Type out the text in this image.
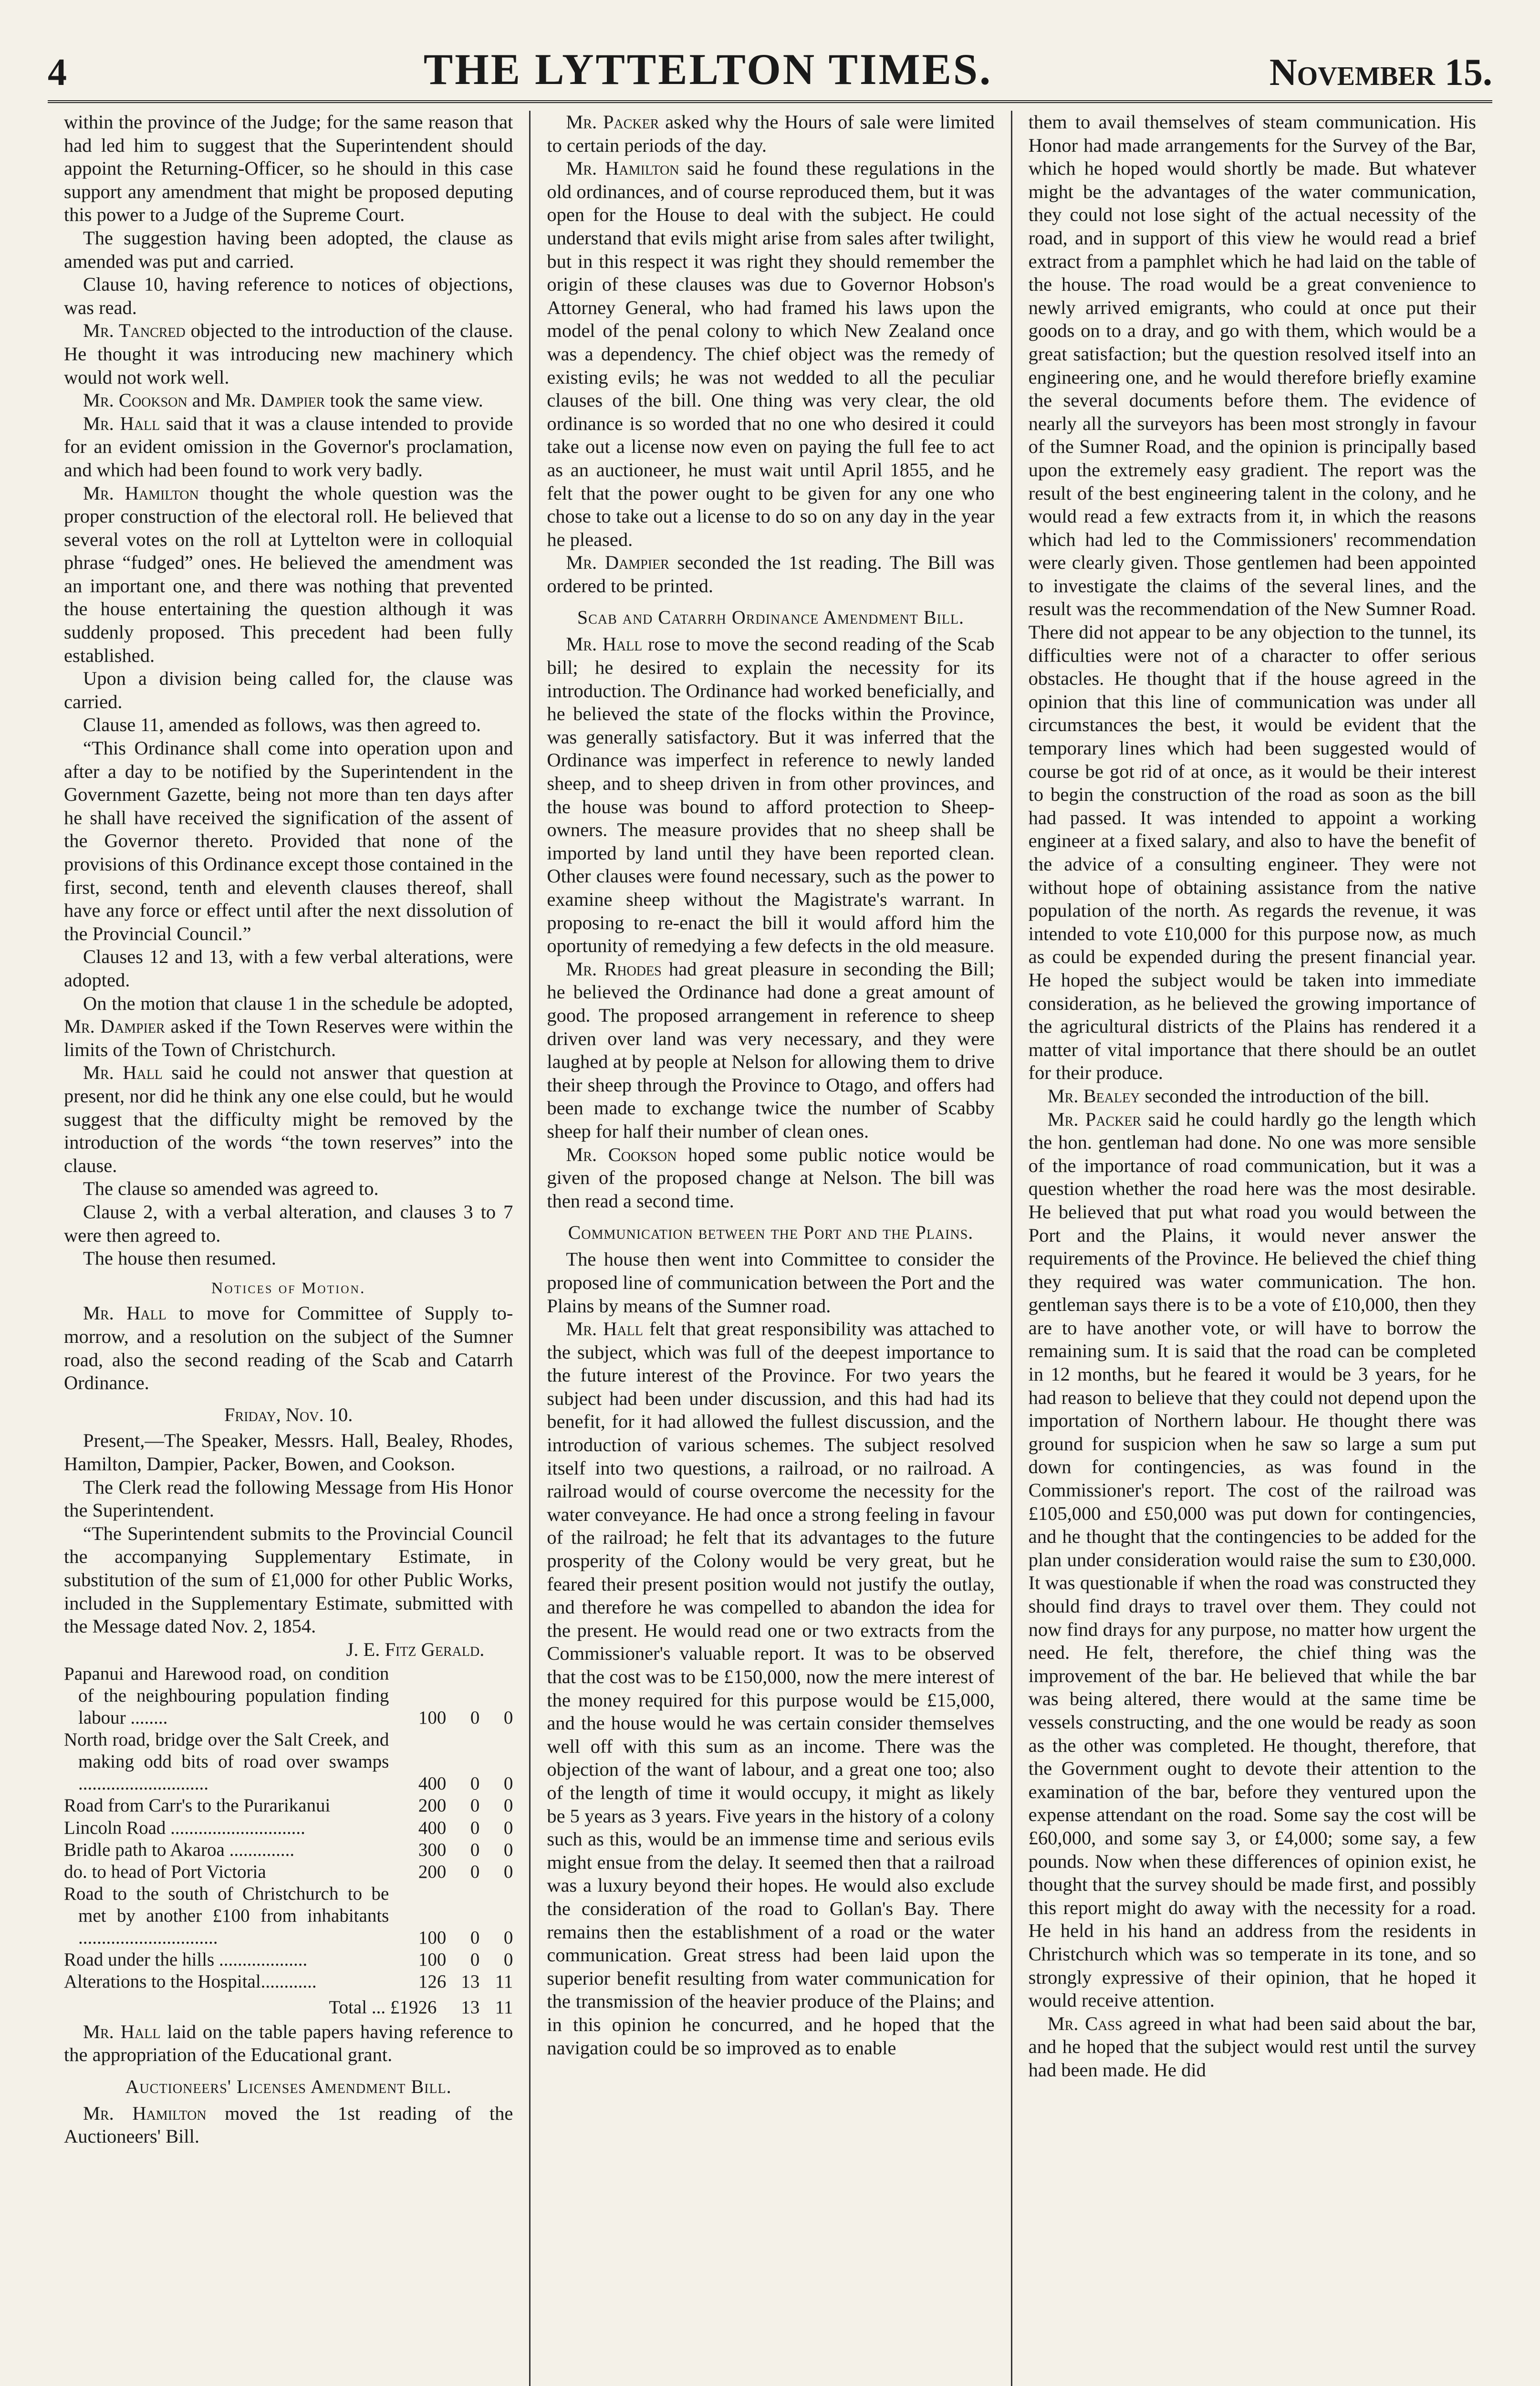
4	THE LYTTELTON TIMES.	November 15.

within the province of the Judge; for the same reason that had led him to suggest that the Superintendent should appoint the Returning-Officer, so he should in this case support any amendment that might be proposed deputing this power to a Judge of the Supreme Court.

The suggestion having been adopted, the clause as amended was put and carried.

Clause 10, having reference to notices of objections, was read.

Mr. Tancred objected to the introduction of the clause. He thought it was introducing new machinery which would not work well.

Mr. Cookson and Mr. Dampier took the same view.

Mr. Hall said that it was a clause intended to provide for an evident omission in the Governor's proclamation, and which had been found to work very badly.

Mr. Hamilton thought the whole question was the proper construction of the electoral roll. He believed that several votes on the roll at Lyttelton were in colloquial phrase “fudged” ones. He believed the amendment was an important one, and there was nothing that prevented the house entertaining the question although it was suddenly proposed. This precedent had been fully established.

Upon a division being called for, the clause was carried.

Clause 11, amended as follows, was then agreed to.

“This Ordinance shall come into operation upon and after a day to be notified by the Superintendent in the Government Gazette, being not more than ten days after he shall have received the signification of the assent of the Governor thereto. Provided that none of the provisions of this Ordinance except those contained in the first, second, tenth and eleventh clauses thereof, shall have any force or effect until after the next dissolution of the Provincial Council.”

Clauses 12 and 13, with a few verbal alterations, were adopted.

On the motion that clause 1 in the schedule be adopted, Mr. Dampier asked if the Town Reserves were within the limits of the Town of Christchurch.

Mr. Hall said he could not answer that question at present, nor did he think any one else could, but he would suggest that the difficulty might be removed by the introduction of the words “the town reserves” into the clause.

The clause so amended was agreed to.

Clause 2, with a verbal alteration, and clauses 3 to 7 were then agreed to.

The house then resumed.

Notices of Motion.

Mr. Hall to move for Committee of Supply to-morrow, and a resolution on the subject of the Sumner road, also the second reading of the Scab and Catarrh Ordinance.

Friday, Nov. 10.

Present,—The Speaker, Messrs. Hall, Bealey, Rhodes, Hamilton, Dampier, Packer, Bowen, and Cookson.

The Clerk read the following Message from His Honor the Superintendent.

“The Superintendent submits to the Provincial Council the accompanying Supplementary Estimate, in substitution of the sum of £1,000 for other Public Works, included in the Supplementary Estimate, submitted with the Message dated Nov. 2, 1854.

J. E. Fitz Gerald.

Papanui and Harewood road, on condition of the neighbouring population finding labour ........	100	0	0
North road, bridge over the Salt Creek, and making odd bits of road over swamps ............................	400	0	0
Road from Carr's to the Purarikanui	200	0	0
Lincoln Road .............................	400	0	0
Bridle path to Akaroa ..............	300	0	0
do. to head of Port Victoria	200	0	0
Road to the south of Christchurch to be met by another £100 from inhabitants ..............................	100	0	0
Road under the hills ...................	100	0	0
Alterations to the Hospital............	126	13	11
Total ... £1926		13	11

Mr. Hall laid on the table papers having reference to the appropriation of the Educational grant.

Auctioneers' Licenses Amendment Bill.

Mr. Hamilton moved the 1st reading of the Auctioneers' Bill.

Mr. Packer asked why the Hours of sale were limited to certain periods of the day.

Mr. Hamilton said he found these regulations in the old ordinances, and of course reproduced them, but it was open for the House to deal with the subject. He could understand that evils might arise from sales after twilight, but in this respect it was right they should remember the origin of these clauses was due to Governor Hobson's Attorney General, who had framed his laws upon the model of the penal colony to which New Zealand once was a dependency. The chief object was the remedy of existing evils; he was not wedded to all the peculiar clauses of the bill. One thing was very clear, the old ordinance is so worded that no one who desired it could take out a license now even on paying the full fee to act as an auctioneer, he must wait until April 1855, and he felt that the power ought to be given for any one who chose to take out a license to do so on any day in the year he pleased.

Mr. Dampier seconded the 1st reading. The Bill was ordered to be printed.

Scab and Catarrh Ordinance Amendment Bill.

Mr. Hall rose to move the second reading of the Scab bill; he desired to explain the necessity for its introduction. The Ordinance had worked beneficially, and he believed the state of the flocks within the Province, was generally satisfactory. But it was inferred that the Ordinance was imperfect in reference to newly landed sheep, and to sheep driven in from other provinces, and the house was bound to afford protection to Sheep-owners. The measure provides that no sheep shall be imported by land until they have been reported clean. Other clauses were found necessary, such as the power to examine sheep without the Magistrate's warrant. In proposing to re-enact the bill it would afford him the oportunity of remedying a few defects in the old measure.

Mr. Rhodes had great pleasure in seconding the Bill; he believed the Ordinance had done a great amount of good. The proposed arrangement in reference to sheep driven over land was very necessary, and they were laughed at by people at Nelson for allowing them to drive their sheep through the Province to Otago, and offers had been made to exchange twice the number of Scabby sheep for half their number of clean ones.

Mr. Cookson hoped some public notice would be given of the proposed change at Nelson. The bill was then read a second time.

Communication between the Port and the Plains.

The house then went into Committee to consider the proposed line of communication between the Port and the Plains by means of the Sumner road.

Mr. Hall felt that great responsibility was attached to the subject, which was full of the deepest importance to the future interest of the Province. For two years the subject had been under discussion, and this had had its benefit, for it had allowed the fullest discussion, and the introduction of various schemes. The subject resolved itself into two questions, a railroad, or no railroad. A railroad would of course overcome the necessity for the water conveyance. He had once a strong feeling in favour of the railroad; he felt that its advantages to the future prosperity of the Colony would be very great, but he feared their present position would not justify the outlay, and therefore he was compelled to abandon the idea for the present. He would read one or two extracts from the Commissioner's valuable report. It was to be observed that the cost was to be £150,000, now the mere interest of the money required for this purpose would be £15,000, and the house would he was certain consider themselves well off with this sum as an income. There was the objection of the want of labour, and a great one too; also of the length of time it would occupy, it might as likely be 5 years as 3 years. Five years in the history of a colony such as this, would be an immense time and serious evils might ensue from the delay. It seemed then that a railroad was a luxury beyond their hopes. He would also exclude the consideration of the road to Gollan's Bay. There remains then the establishment of a road or the water communication. Great stress had been laid upon the superior benefit resulting from water communication for the transmission of the heavier produce of the Plains; and in this opinion he concurred, and he hoped that the navigation could be so improved as to enable

them to avail themselves of steam communication. His Honor had made arrangements for the Survey of the Bar, which he hoped would shortly be made. But whatever might be the advantages of the water communication, they could not lose sight of the actual necessity of the road, and in support of this view he would read a brief extract from a pamphlet which he had laid on the table of the house. The road would be a great convenience to newly arrived emigrants, who could at once put their goods on to a dray, and go with them, which would be a great satisfaction; but the question resolved itself into an engineering one, and he would therefore briefly examine the several documents before them. The evidence of nearly all the surveyors has been most strongly in favour of the Sumner Road, and the opinion is principally based upon the extremely easy gradient. The report was the result of the best engineering talent in the colony, and he would read a few extracts from it, in which the reasons which had led to the Commissioners' recommendation were clearly given. Those gentlemen had been appointed to investigate the claims of the several lines, and the result was the recommendation of the New Sumner Road. There did not appear to be any objection to the tunnel, its difficulties were not of a character to offer serious obstacles. He thought that if the house agreed in the opinion that this line of communication was under all circumstances the best, it would be evident that the temporary lines which had been suggested would of course be got rid of at once, as it would be their interest to begin the construction of the road as soon as the bill had passed. It was intended to appoint a working engineer at a fixed salary, and also to have the benefit of the advice of a consulting engineer. They were not without hope of obtaining assistance from the native population of the north. As regards the revenue, it was intended to vote £10,000 for this purpose now, as much as could be expended during the present financial year. He hoped the subject would be taken into immediate consideration, as he believed the growing importance of the agricultural districts of the Plains has rendered it a matter of vital importance that there should be an outlet for their produce.

Mr. Bealey seconded the introduction of the bill.

Mr. Packer said he could hardly go the length which the hon. gentleman had done. No one was more sensible of the importance of road communication, but it was a question whether the road here was the most desirable. He believed that put what road you would between the Port and the Plains, it would never answer the requirements of the Province. He believed the chief thing they required was water communication. The hon. gentleman says there is to be a vote of £10,000, then they are to have another vote, or will have to borrow the remaining sum. It is said that the road can be completed in 12 months, but he feared it would be 3 years, for he had reason to believe that they could not depend upon the importation of Northern labour. He thought there was ground for suspicion when he saw so large a sum put down for contingencies, as was found in the Commissioner's report. The cost of the railroad was £105,000 and £50,000 was put down for contingencies, and he thought that the contingencies to be added for the plan under consideration would raise the sum to £30,000. It was questionable if when the road was constructed they should find drays to travel over them. They could not now find drays for any purpose, no matter how urgent the need. He felt, therefore, the chief thing was the improvement of the bar. He believed that while the bar was being altered, there would at the same time be vessels constructing, and the one would be ready as soon as the other was completed. He thought, therefore, that the Government ought to devote their attention to the examination of the bar, before they ventured upon the expense attendant on the road. Some say the cost will be £60,000, and some say 3, or £4,000; some say, a few pounds. Now when these differences of opinion exist, he thought that the survey should be made first, and possibly this report might do away with the necessity for a road. He held in his hand an address from the residents in Christchurch which was so temperate in its tone, and so strongly expressive of their opinion, that he hoped it would receive attention.

Mr. Cass agreed in what had been said about the bar, and he hoped that the subject would rest until the survey had been made. He did
